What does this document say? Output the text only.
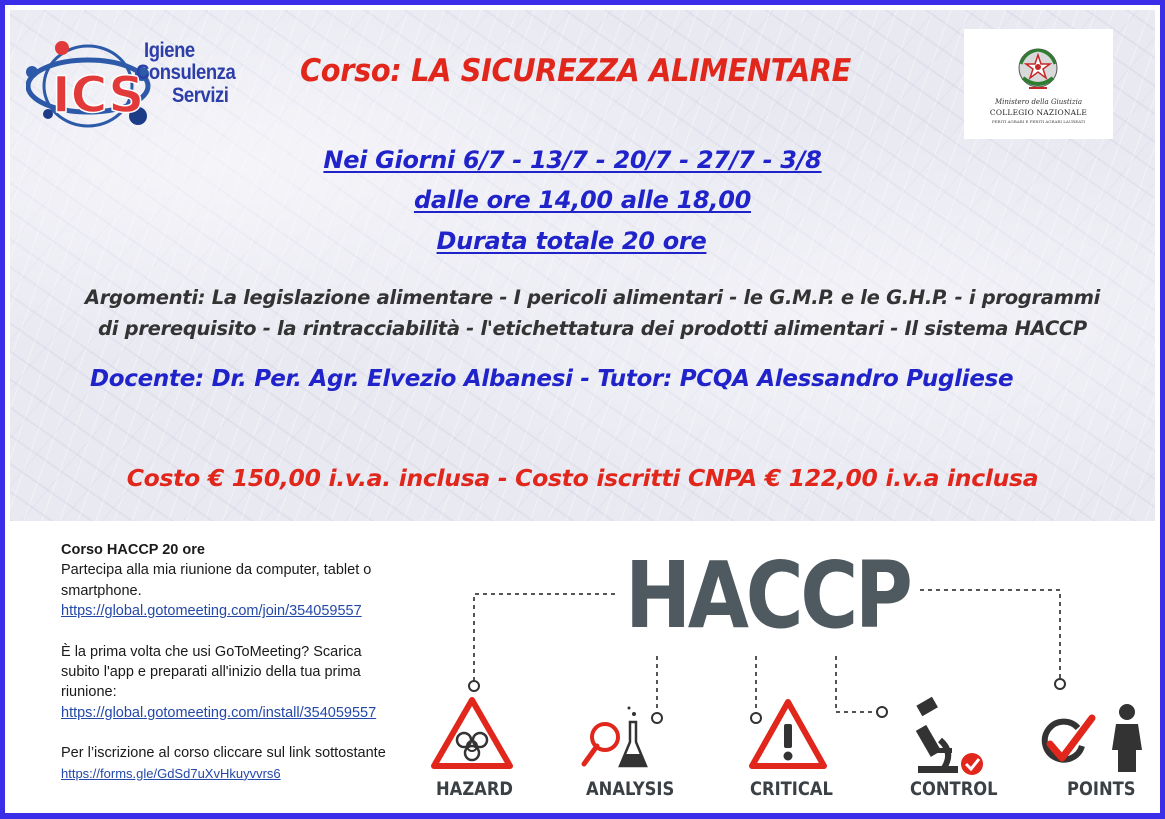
ICS
Igiene
Consulenza
Servizi
Corso: LA SICUREZZA ALIMENTARE
Ministero della Giustizia
COLLEGIO NAZIONALE
PERITI AGRARI E PERITI AGRARI LAUREATI
Nei Giorni 6/7 - 13/7 - 20/7 - 27/7 - 3/8
dalle ore 14,00 alle 18,00
Durata totale 20 ore
Argomenti: La legislazione alimentare - I pericoli alimentari - le G.M.P. e le G.H.P. - i programmi
di prerequisito - la rintracciabilità - l'etichettatura dei prodotti alimentari - Il sistema HACCP
Docente: Dr. Per. Agr. Elvezio Albanesi - Tutor: PCQA Alessandro Pugliese
Costo € 150,00 i.v.a. inclusa - Costo iscritti CNPA € 122,00 i.v.a inclusa
Corso HACCP 20 ore
Partecipa alla mia riunione da computer, tablet o
smartphone.
https://global.gotomeeting.com/join/354059557
È la prima volta che usi GoToMeeting? Scarica
subito l'app e preparati all'inizio della tua prima
riunione:
https://global.gotomeeting.com/install/354059557
Per l’iscrizione al corso cliccare sul link sottostante
https://forms.gle/GdSd7uXvHkuyvvrs6
HACCP
HAZARD	ANALYSIS	CRITICAL	CONTROL	POINTS
